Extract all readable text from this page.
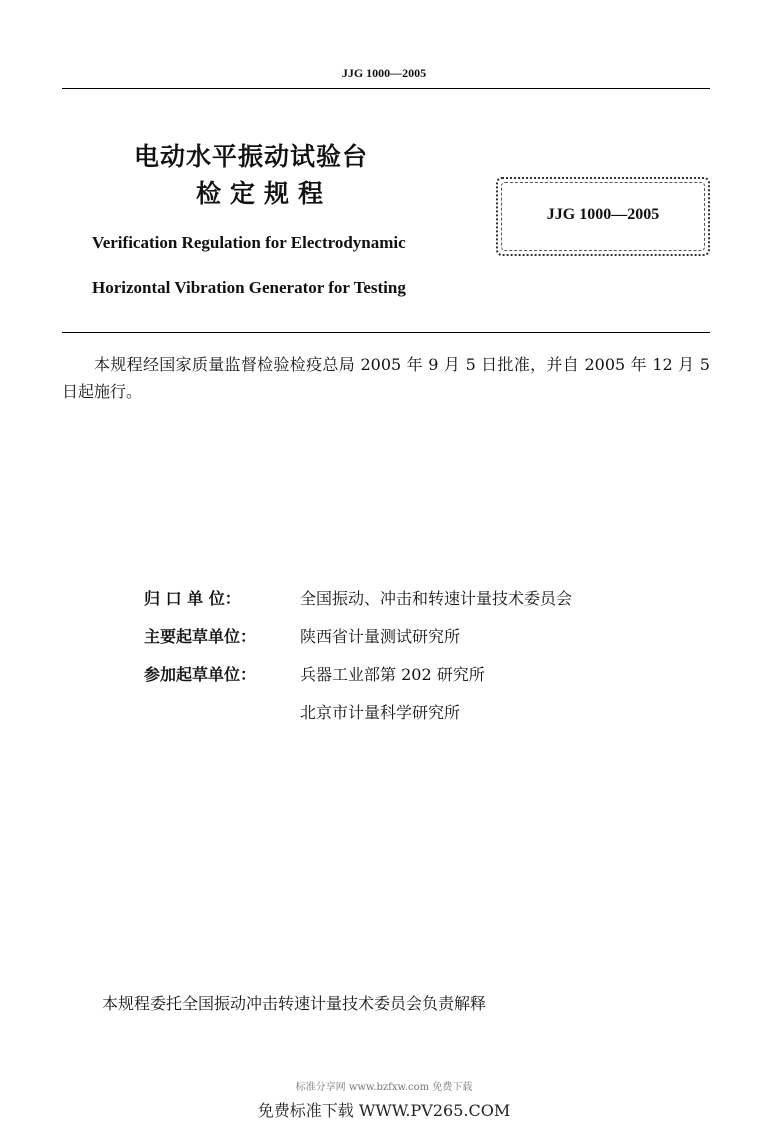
JJG 1000—2005
电动水平振动试验台
检定规程
Verification Regulation for Electrodynamic
Horizontal Vibration Generator for Testing
JJG 1000—2005
本规程经国家质量监督检验检疫总局 2005 年 9 月 5 日批准，并自 2005 年 12 月 5 日起施行。
归 口 单 位：	全国振动、冲击和转速计量技术委员会
主要起草单位：	陕西省计量测试研究所
参加起草单位：	兵器工业部第 202 研究所
北京市计量科学研究所
本规程委托全国振动冲击转速计量技术委员会负责解释
标准分享网 www.bzfxw.com 免费下载
免费标准下载 WWW.PV265.COM
